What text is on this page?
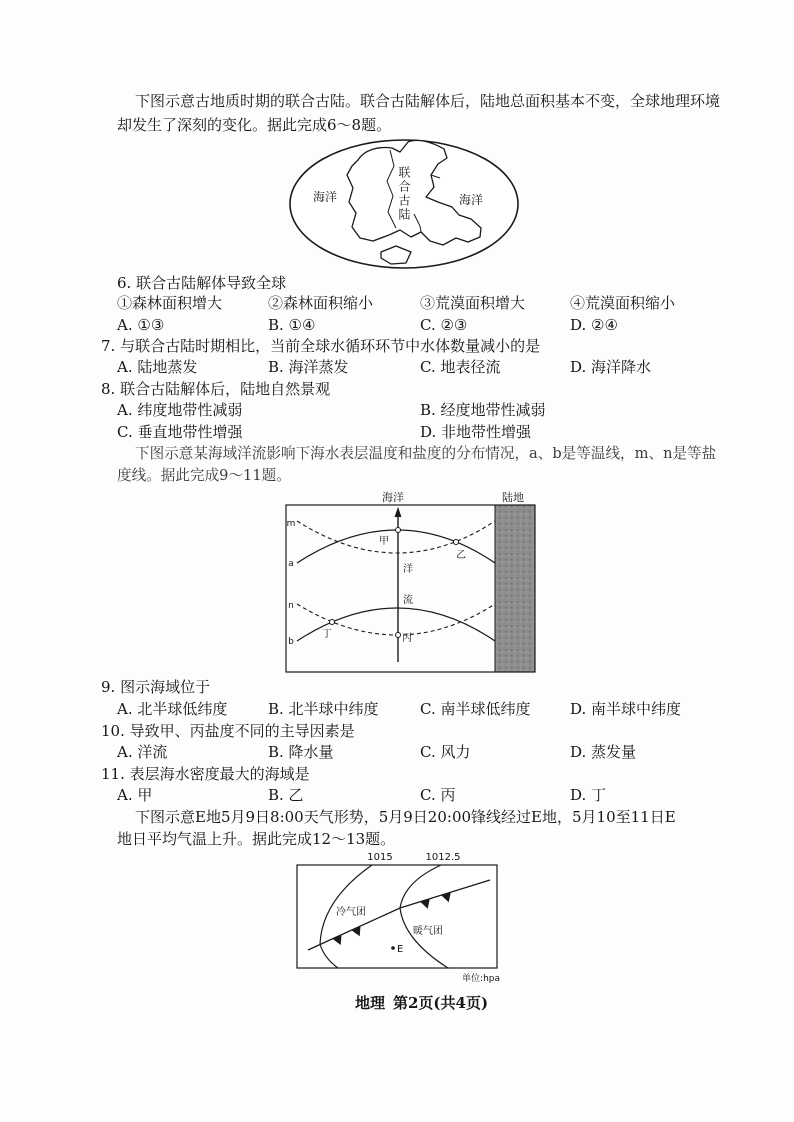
下图示意古地质时期的联合古陆。联合古陆解体后，陆地总面积基本不变，全球地理环境
却发生了深刻的变化。据此完成6～8题。
海洋	海洋
联合古陆
6. 联合古陆解体导致全球
①森林面积增大	②森林面积缩小	③荒漠面积增大	④荒漠面积缩小
A. ①③	B. ①④	C. ②③	D. ②④
7. 与联合古陆时期相比，当前全球水循环环节中水体数量减小的是
A. 陆地蒸发	B. 海洋蒸发	C. 地表径流	D. 海洋降水
8. 联合古陆解体后，陆地自然景观
A. 纬度地带性减弱	B. 经度地带性减弱
C. 垂直地带性增强	D. 非地带性增强
下图示意某海域洋流影响下海水表层温度和盐度的分布情况，a、b是等温线，m、n是等盐
度线。据此完成9～11题。
海洋	陆地
m
a
n
b
洋
流
甲
乙
丙
丁
9. 图示海域位于
A. 北半球低纬度	B. 北半球中纬度	C. 南半球低纬度	D. 南半球中纬度
10. 导致甲、丙盐度不同的主导因素是
A. 洋流	B. 降水量	C. 风力	D. 蒸发量
11. 表层海水密度最大的海域是
A. 甲	B. 乙	C. 丙	D. 丁
下图示意E地5月9日8:00天气形势，5月9日20:00锋线经过E地，5月10至11日E
地日平均气温上升。据此完成12～13题。
1015	1012.5
冷气团
暖气团
E
单位:hpa
地理 第2页(共4页)
